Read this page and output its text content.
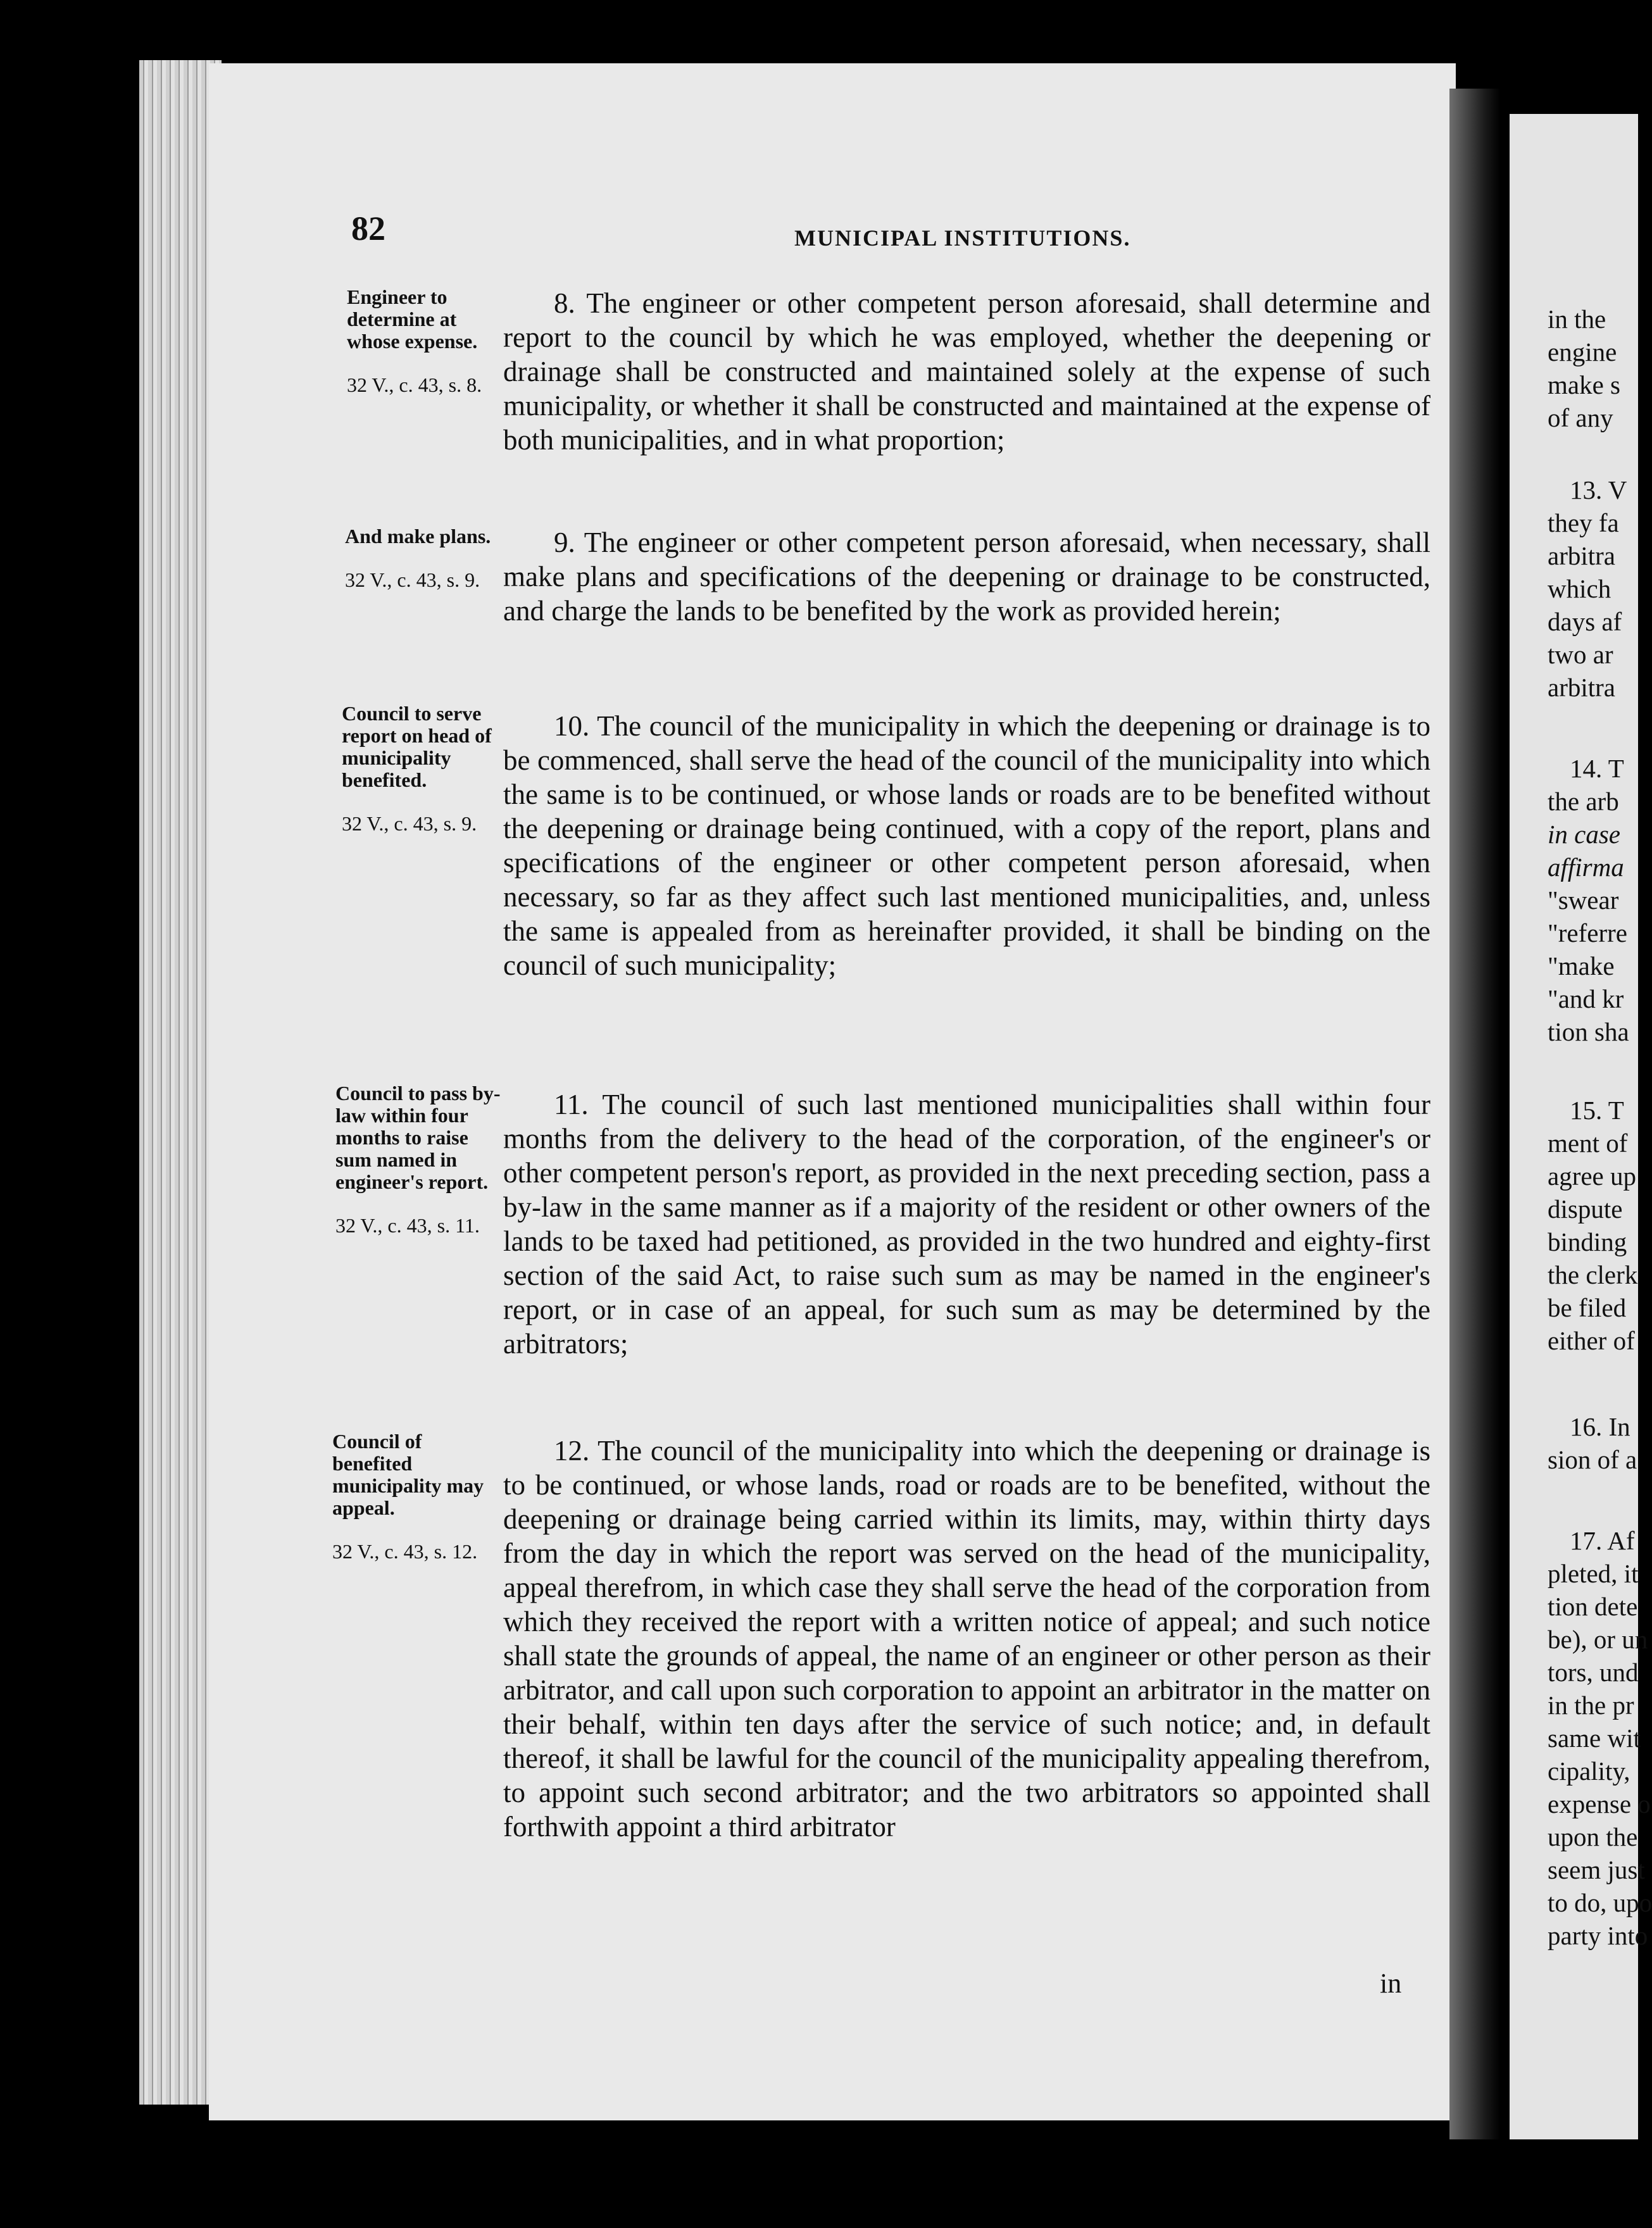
82	MUNICIPAL INSTITUTIONS.
Engineer to determine at whose expense.
32 V., c. 43, s. 8.
8. The engineer or other competent person aforesaid, shall determine and report to the council by which he was employed, whether the deepening or drainage shall be constructed and maintained solely at the expense of such municipality, or whether it shall be constructed and maintained at the expense of both municipalities, and in what proportion;
And make plans.
32 V., c. 43, s. 9.
9. The engineer or other competent person aforesaid, when necessary, shall make plans and specifications of the deepening or drainage to be constructed, and charge the lands to be benefited by the work as provided herein;
Council to serve report on head of municipality benefited.
32 V., c. 43, s. 9.
10. The council of the municipality in which the deepening or drainage is to be commenced, shall serve the head of the council of the municipality into which the same is to be continued, or whose lands or roads are to be benefited without the deepening or drainage being continued, with a copy of the report, plans and specifications of the engineer or other competent person aforesaid, when necessary, so far as they affect such last mentioned municipalities, and, unless the same is appealed from as hereinafter provided, it shall be binding on the council of such municipality;
Council to pass by-law within four months to raise sum named in engineer's report.
32 V., c. 43, s. 11.
11. The council of such last mentioned municipalities shall within four months from the delivery to the head of the corporation, of the engineer's or other competent person's report, as provided in the next preceding section, pass a by-law in the same manner as if a majority of the resident or other owners of the lands to be taxed had petitioned, as provided in the two hundred and eighty-first section of the said Act, to raise such sum as may be named in the engineer's report, or in case of an appeal, for such sum as may be determined by the arbitrators;
Council of benefited municipality may appeal.
32 V., c. 43, s. 12.
12. The council of the municipality into which the deepening or drainage is to be continued, or whose lands, road or roads are to be benefited, without the deepening or drainage being carried within its limits, may, within thirty days from the day in which the report was served on the head of the municipality, appeal therefrom, in which case they shall serve the head of the corporation from which they received the report with a written notice of appeal; and such notice shall state the grounds of appeal, the name of an engineer or other person as their arbitrator, and call upon such corporation to appoint an arbitrator in the matter on their behalf, within ten days after the service of such notice; and, in default thereof, it shall be lawful for the council of the municipality appealing therefrom, to appoint such second arbitrator; and the two arbitrators so appointed shall forthwith appoint a third arbitrator
in
in the
engine
make s
of any
13. V
they fa
arbitra
which
days af
two ar
arbitra
14. T
the arb
in case
affirma
"swear
"referre
"make
"and kr
tion sha
15. T
ment of
agree up
dispute
binding
the clerk
be filed
either of
16. In
sion of a
17. Af
pleted, it
tion dete
be), or un
tors, und
in the pr
same wit
cipality,
expense o
upon the
seem just
to do, upo
party into
